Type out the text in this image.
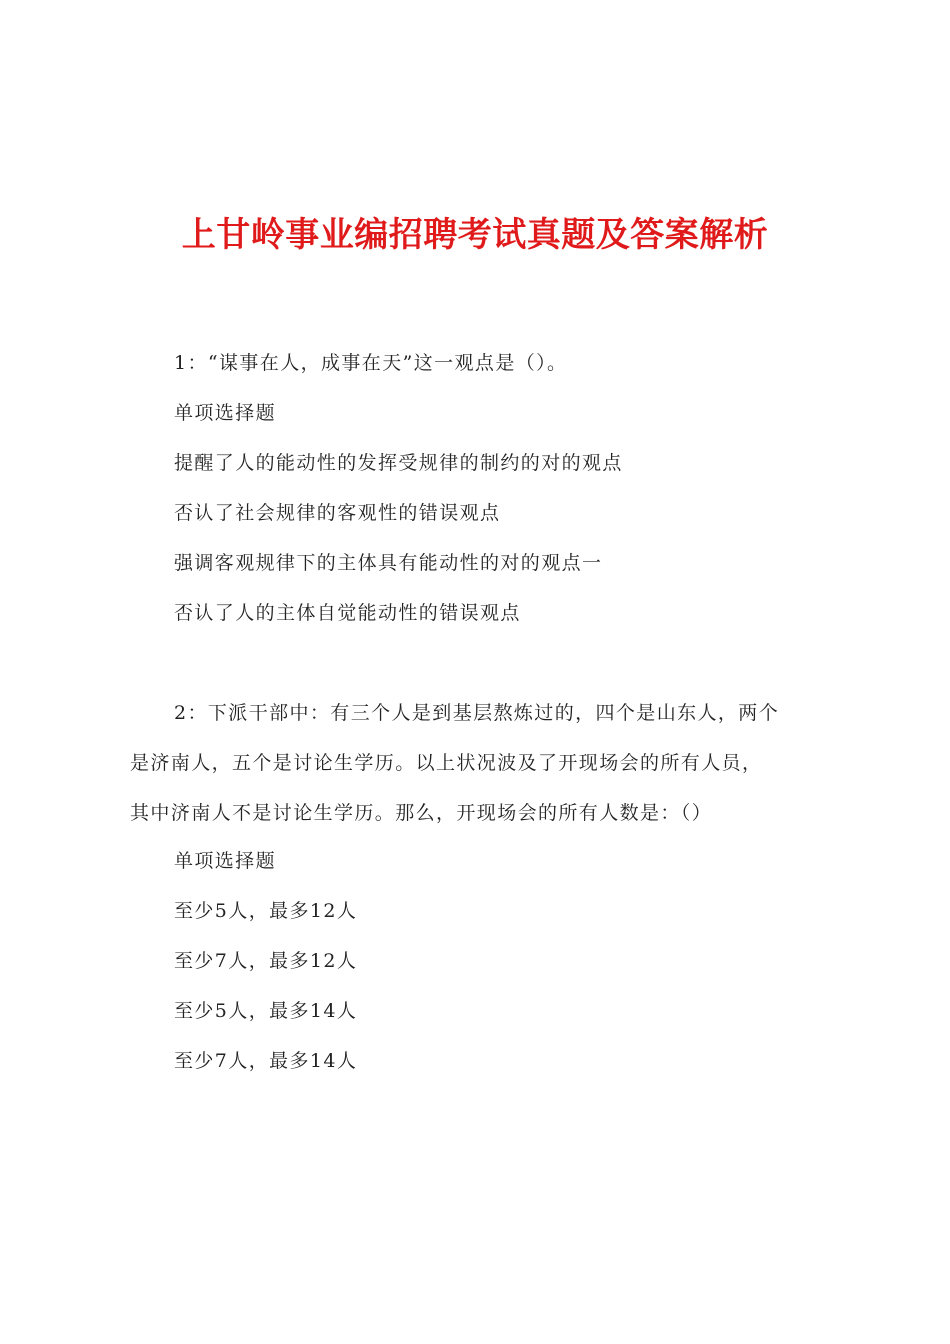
上甘岭事业编招聘考试真题及答案解析

1：“谋事在人，成事在天”这一观点是（）。

单项选择题

提醒了人的能动性的发挥受规律的制约的对的观点

否认了社会规律的客观性的错误观点

强调客观规律下的主体具有能动性的对的观点一

否认了人的主体自觉能动性的错误观点

2：下派干部中：有三个人是到基层熬炼过的，四个是山东人，两个

是济南人，五个是讨论生学历。以上状况波及了开现场会的所有人员，

其中济南人不是讨论生学历。那么，开现场会的所有人数是：（）

单项选择题

至少5人，最多12人

至少7人，最多12人

至少5人，最多14人

至少7人，最多14人
